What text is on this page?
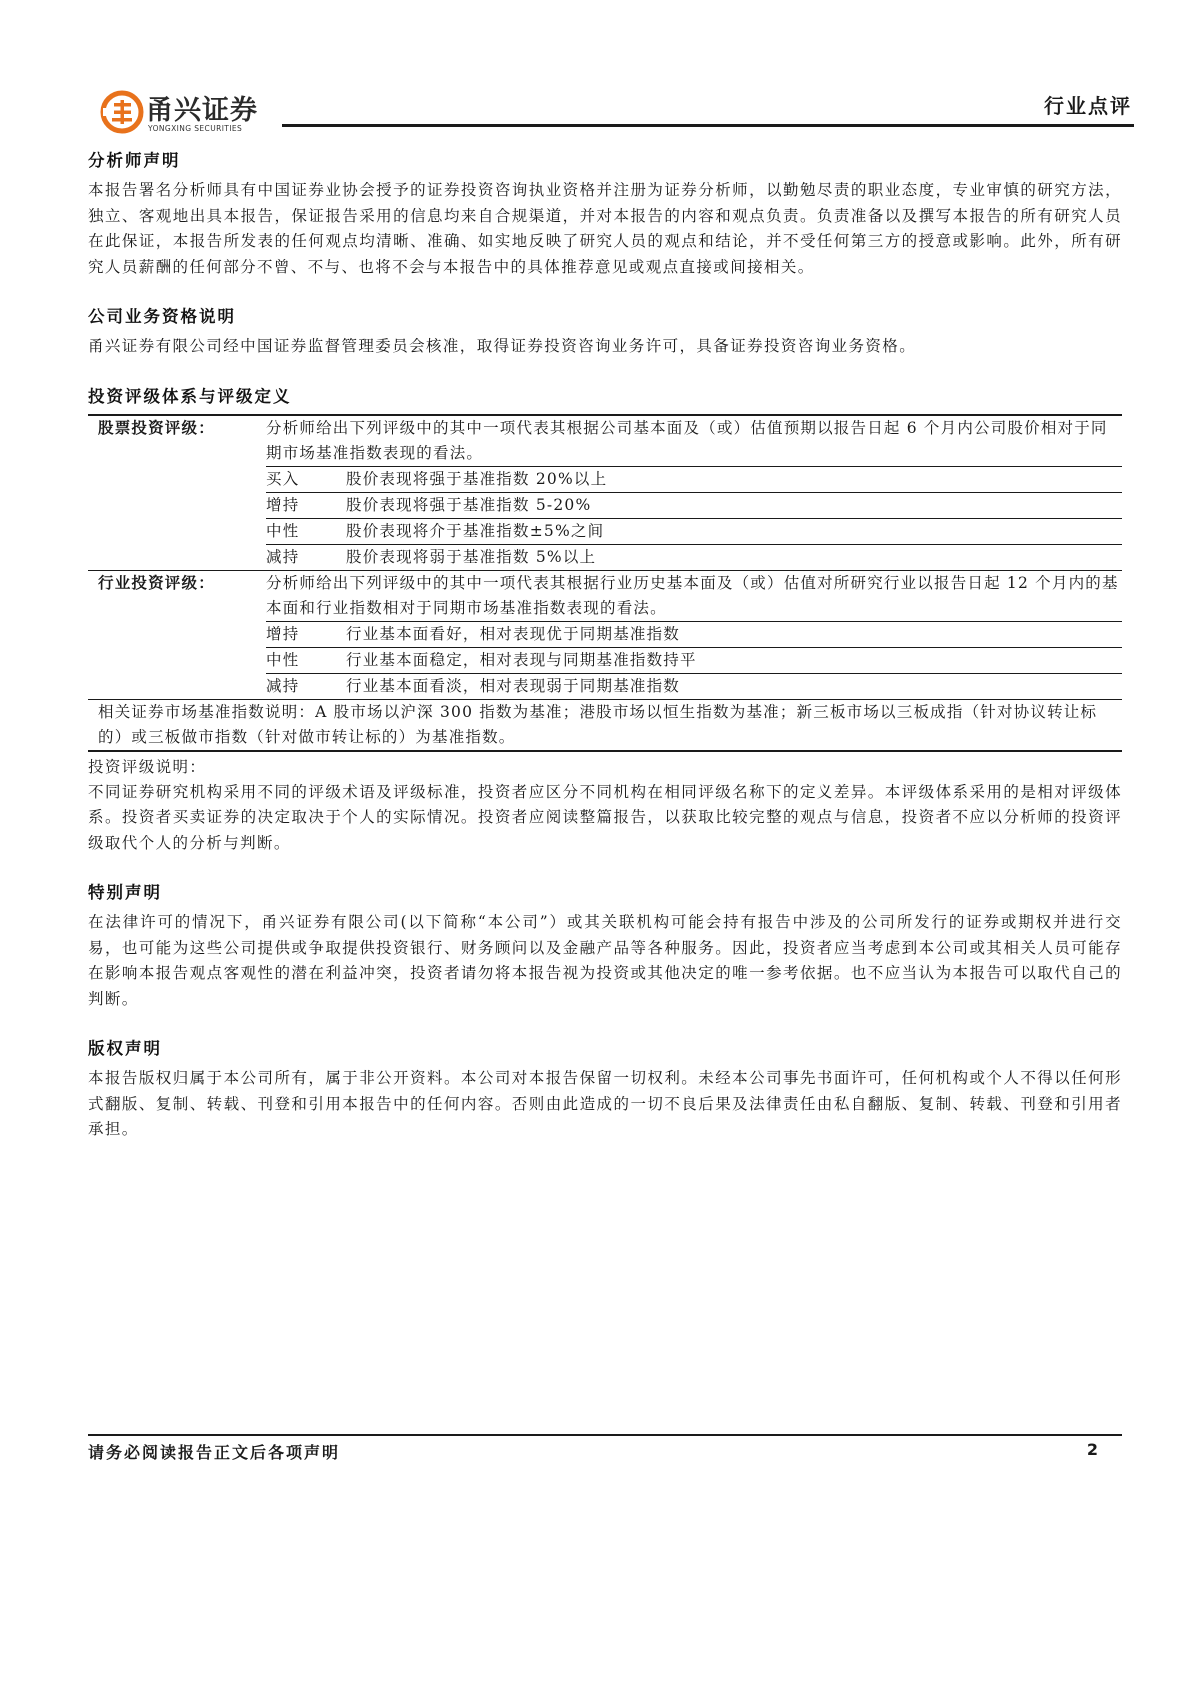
甬兴证券
YONGXING SECURITIES
行业点评
分析师声明

本报告署名分析师具有中国证券业协会授予的证券投资咨询执业资格并注册为证券分析师，以勤勉尽责的职业态度，专业审慎的研究方法，独立、客观地出具本报告，保证报告采用的信息均来自合规渠道，并对本报告的内容和观点负责。负责准备以及撰写本报告的所有研究人员在此保证，本报告所发表的任何观点均清晰、准确、如实地反映了研究人员的观点和结论，并不受任何第三方的授意或影响。此外，所有研究人员薪酬的任何部分不曾、不与、也将不会与本报告中的具体推荐意见或观点直接或间接相关。

公司业务资格说明

甬兴证券有限公司经中国证券监督管理委员会核准，取得证券投资咨询业务许可，具备证券投资咨询业务资格。

投资评级体系与评级定义
股票投资评级：	分析师给出下列评级中的其中一项代表其根据公司基本面及（或）估值预期以报告日起 6 个月内公司股价相对于同期市场基准指数表现的看法。	
	买入	股价表现将强于基准指数 20%以上
	增持	股价表现将强于基准指数 5-20%
	中性	股价表现将介于基准指数±5%之间
	减持	股价表现将弱于基准指数 5%以上
行业投资评级：	分析师给出下列评级中的其中一项代表其根据行业历史基本面及（或）估值对所研究行业以报告日起 12 个月内的基本面和行业指数相对于同期市场基准指数表现的看法。	
	增持	行业基本面看好，相对表现优于同期基准指数
	中性	行业基本面稳定，相对表现与同期基准指数持平
	减持	行业基本面看淡，相对表现弱于同期基准指数
相关证券市场基准指数说明：A 股市场以沪深 300 指数为基准；港股市场以恒生指数为基准；新三板市场以三板成指（针对协议转让标的）或三板做市指数（针对做市转让标的）为基准指数。		
投资评级说明：

不同证券研究机构采用不同的评级术语及评级标准，投资者应区分不同机构在相同评级名称下的定义差异。本评级体系采用的是相对评级体系。投资者买卖证券的决定取决于个人的实际情况。投资者应阅读整篇报告，以获取比较完整的观点与信息，投资者不应以分析师的投资评级取代个人的分析与判断。

特别声明

在法律许可的情况下，甬兴证券有限公司(以下简称“本公司”）或其关联机构可能会持有报告中涉及的公司所发行的证券或期权并进行交易，也可能为这些公司提供或争取提供投资银行、财务顾问以及金融产品等各种服务。因此，投资者应当考虑到本公司或其相关人员可能存在影响本报告观点客观性的潜在利益冲突，投资者请勿将本报告视为投资或其他决定的唯一参考依据。也不应当认为本报告可以取代自己的判断。

版权声明

本报告版权归属于本公司所有，属于非公开资料。本公司对本报告保留一切权利。未经本公司事先书面许可，任何机构或个人不得以任何形式翻版、复制、转载、刊登和引用本报告中的任何内容。否则由此造成的一切不良后果及法律责任由私自翻版、复制、转载、刊登和引用者承担。

请务必阅读报告正文后各项声明	2
